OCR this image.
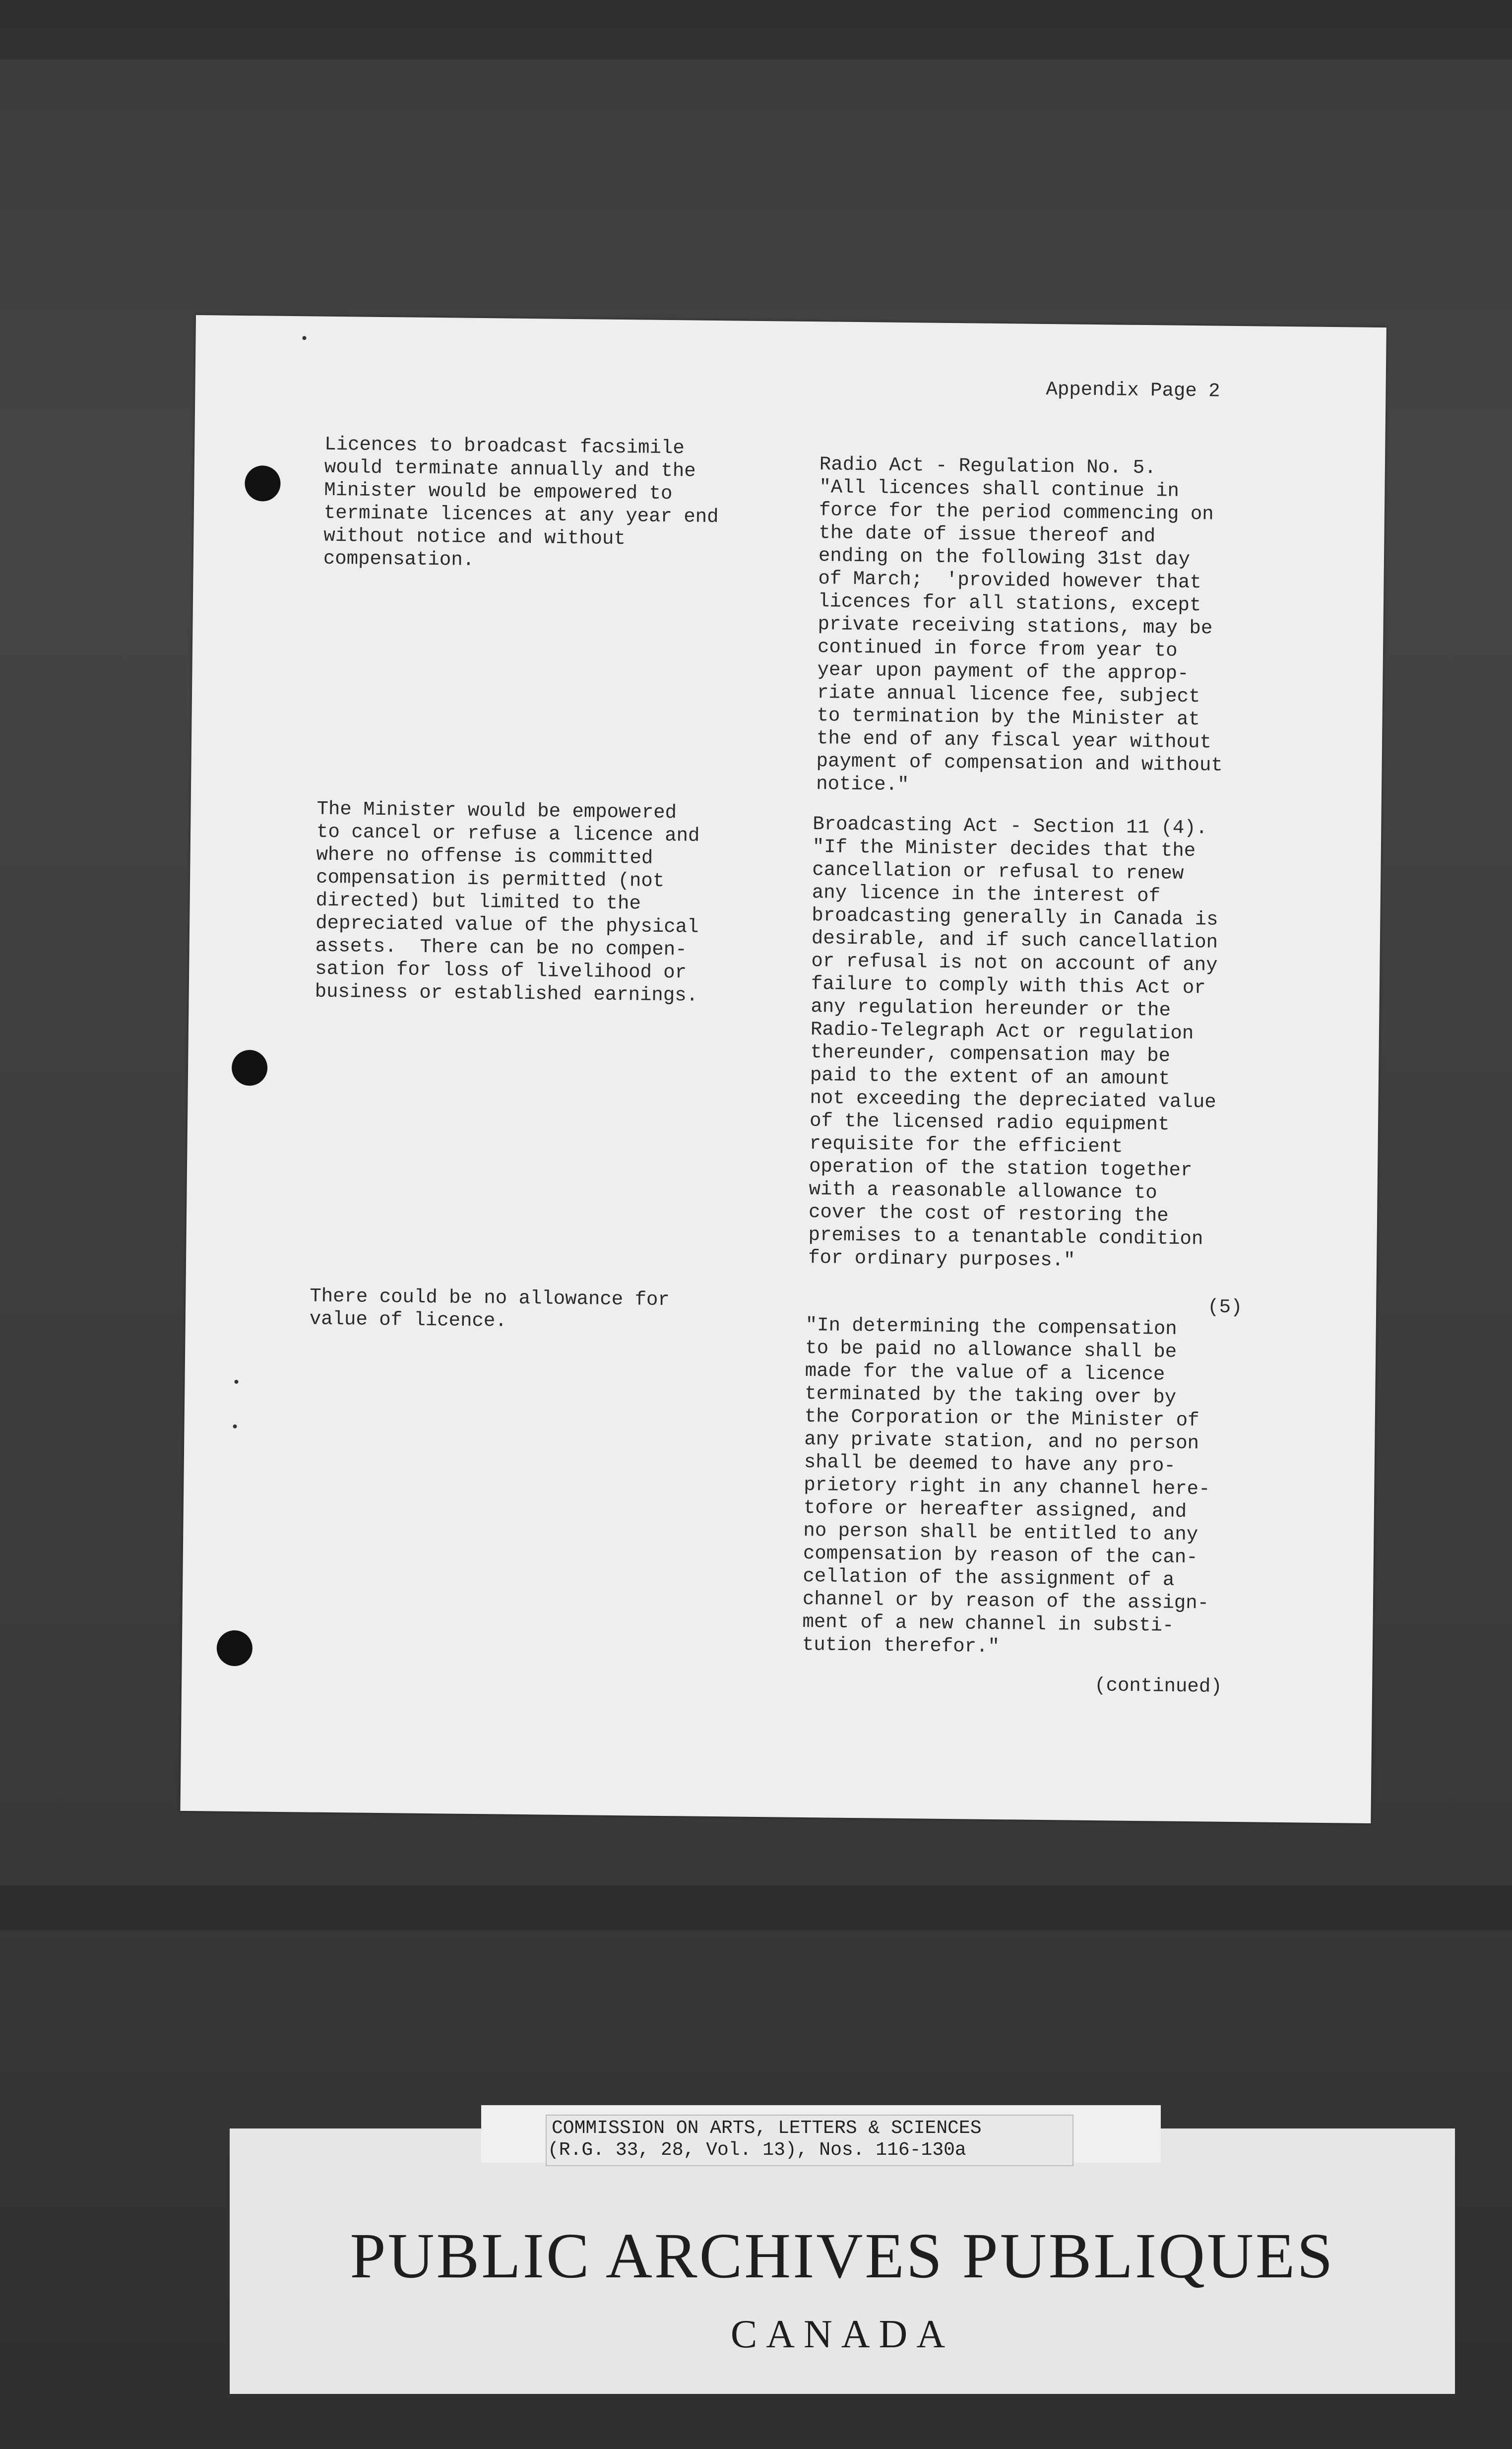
Appendix Page 2
Licences to broadcast facsimile
would terminate annually and the
Minister would be empowered to
terminate licences at any year end
without notice and without
compensation.
Radio Act - Regulation No. 5.
"All licences shall continue in
force for the period commencing on
the date of issue thereof and
ending on the following 31st day
of March;  'provided however that
licences for all stations, except
private receiving stations, may be
continued in force from year to
year upon payment of the approp-
riate annual licence fee, subject
to termination by the Minister at
the end of any fiscal year without
payment of compensation and without
notice."
The Minister would be empowered
to cancel or refuse a licence and
where no offense is committed
compensation is permitted (not
directed) but limited to the
depreciated value of the physical
assets.  There can be no compen-
sation for loss of livelihood or
business or established earnings.
Broadcasting Act - Section 11 (4).
"If the Minister decides that the
cancellation or refusal to renew
any licence in the interest of
broadcasting generally in Canada is
desirable, and if such cancellation
or refusal is not on account of any
failure to comply with this Act or
any regulation hereunder or the
Radio-Telegraph Act or regulation
thereunder, compensation may be
paid to the extent of an amount
not exceeding the depreciated value
of the licensed radio equipment
requisite for the efficient
operation of the station together
with a reasonable allowance to
cover the cost of restoring the
premises to a tenantable condition
for ordinary purposes."
There could be no allowance for
value of licence.
(5)
"In determining the compensation
to be paid no allowance shall be
made for the value of a licence
terminated by the taking over by
the Corporation or the Minister of
any private station, and no person
shall be deemed to have any pro-
prietory right in any channel here-
tofore or hereafter assigned, and
no person shall be entitled to any
compensation by reason of the can-
cellation of the assignment of a
channel or by reason of the assign-
ment of a new channel in substi-
tution therefor."
(continued)
COMMISSION ON ARTS, LETTERS & SCIENCES
(R.G. 33, 28, Vol. 13), Nos. 116-130a
PUBLIC ARCHIVES PUBLIQUES
CANADA
